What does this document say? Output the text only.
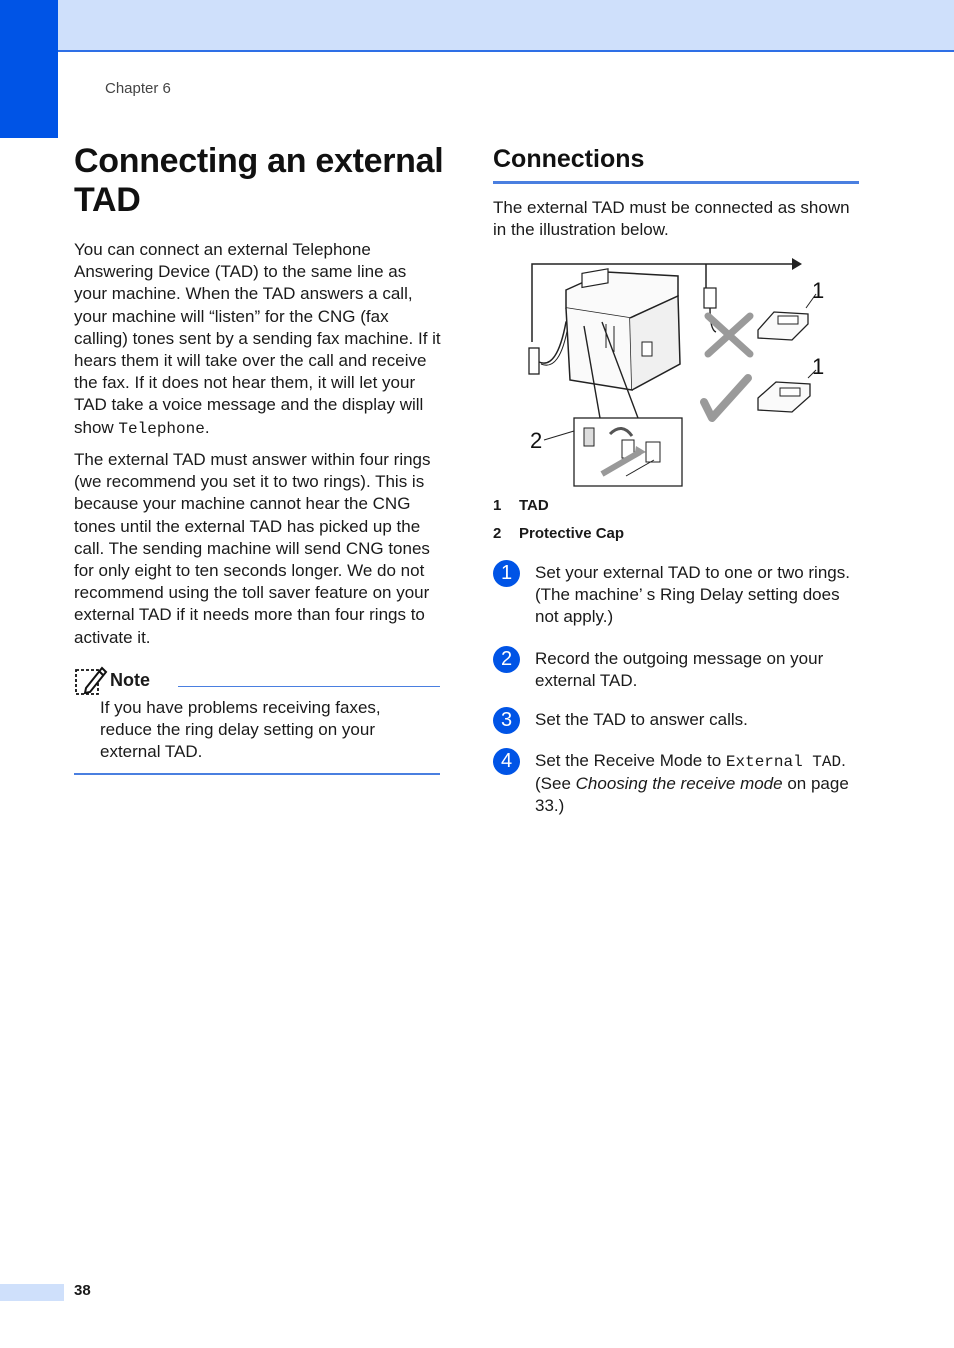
Chapter 6
Connecting an external TAD
You can connect an external Telephone Answering Device (TAD) to the same line as your machine. When the TAD answers a call, your machine will “listen” for the CNG (fax calling) tones sent by a sending fax machine. If it hears them it will take over the call and receive the fax. If it does not hear them, it will let your TAD take a voice message and the display will show Telephone.
The external TAD must answer within four rings (we recommend you set it to two rings). This is because your machine cannot hear the CNG tones until the external TAD has picked up the call. The sending machine will send CNG tones for only eight to ten seconds longer. We do not recommend using the toll saver feature on your external TAD if it needs more than four rings to activate it.
Note
If you have problems receiving faxes, reduce the ring delay setting on your external TAD.
Connections
The external TAD must be connected as shown in the illustration below.
1
1
2
1 TAD
2 Protective Cap
1	Set your external TAD to one or two rings. (The machine’ s Ring Delay setting does not apply.)
2	Record the outgoing message on your external TAD.
3	Set the TAD to answer calls.
4	Set the Receive Mode to External TAD. (See Choosing the receive mode on page 33.)
38
